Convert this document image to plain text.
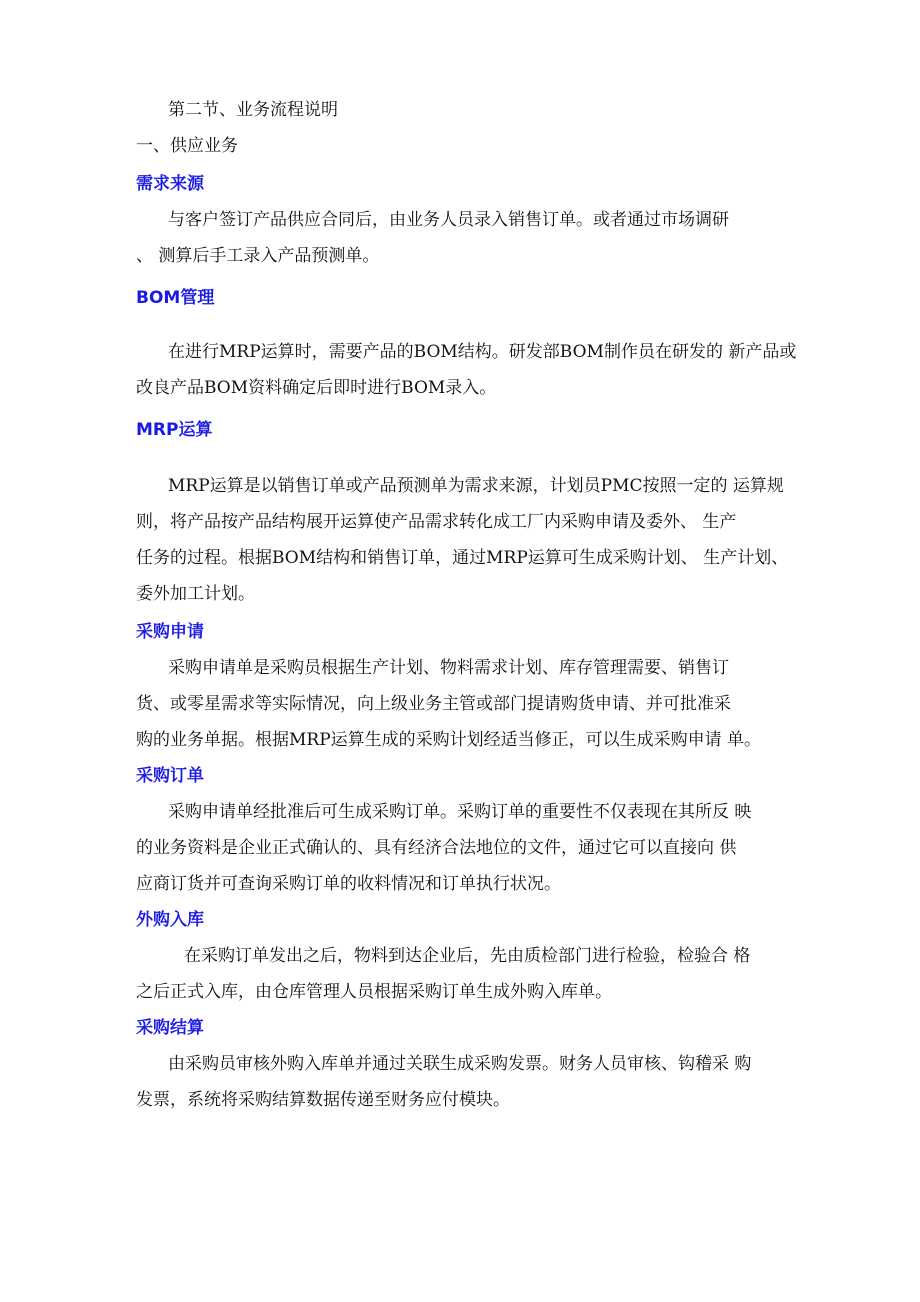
第二节、业务流程说明
一、供应业务
需求来源
与客户签订产品供应合同后，由业务人员录入销售订单。或者通过市场调研
、 测算后手工录入产品预测单。
BOM管理
在进行MRP运算时，需要产品的BOM结构。研发部BOM制作员在研发的 新产品或
改良产品BOM资料确定后即时进行BOM录入。
MRP运算
MRP运算是以销售订单或产品预测单为需求来源，计划员PMC按照一定的 运算规
则，将产品按产品结构展开运算使产品需求转化成工厂内采购申请及委外、 生产
任务的过程。根据BOM结构和销售订单，通过MRP运算可生成采购计划、 生产计划、
委外加工计划。
采购申请
采购申请单是采购员根据生产计划、物料需求计划、库存管理需要、销售订
货、或零星需求等实际情况，向上级业务主管或部门提请购货申请、并可批准采
购的业务单据。根据MRP运算生成的采购计划经适当修正，可以生成采购申请 单。
采购订单
采购申请单经批准后可生成采购订单。采购订单的重要性不仅表现在其所反 映
的业务资料是企业正式确认的、具有经济合法地位的文件，通过它可以直接向 供
应商订货并可查询采购订单的收料情况和订单执行状况。
外购入库
在采购订单发出之后，物料到达企业后，先由质检部门进行检验，检验合 格
之后正式入库，由仓库管理人员根据采购订单生成外购入库单。
采购结算
由采购员审核外购入库单并通过关联生成采购发票。财务人员审核、钩稽采 购
发票，系统将采购结算数据传递至财务应付模块。
